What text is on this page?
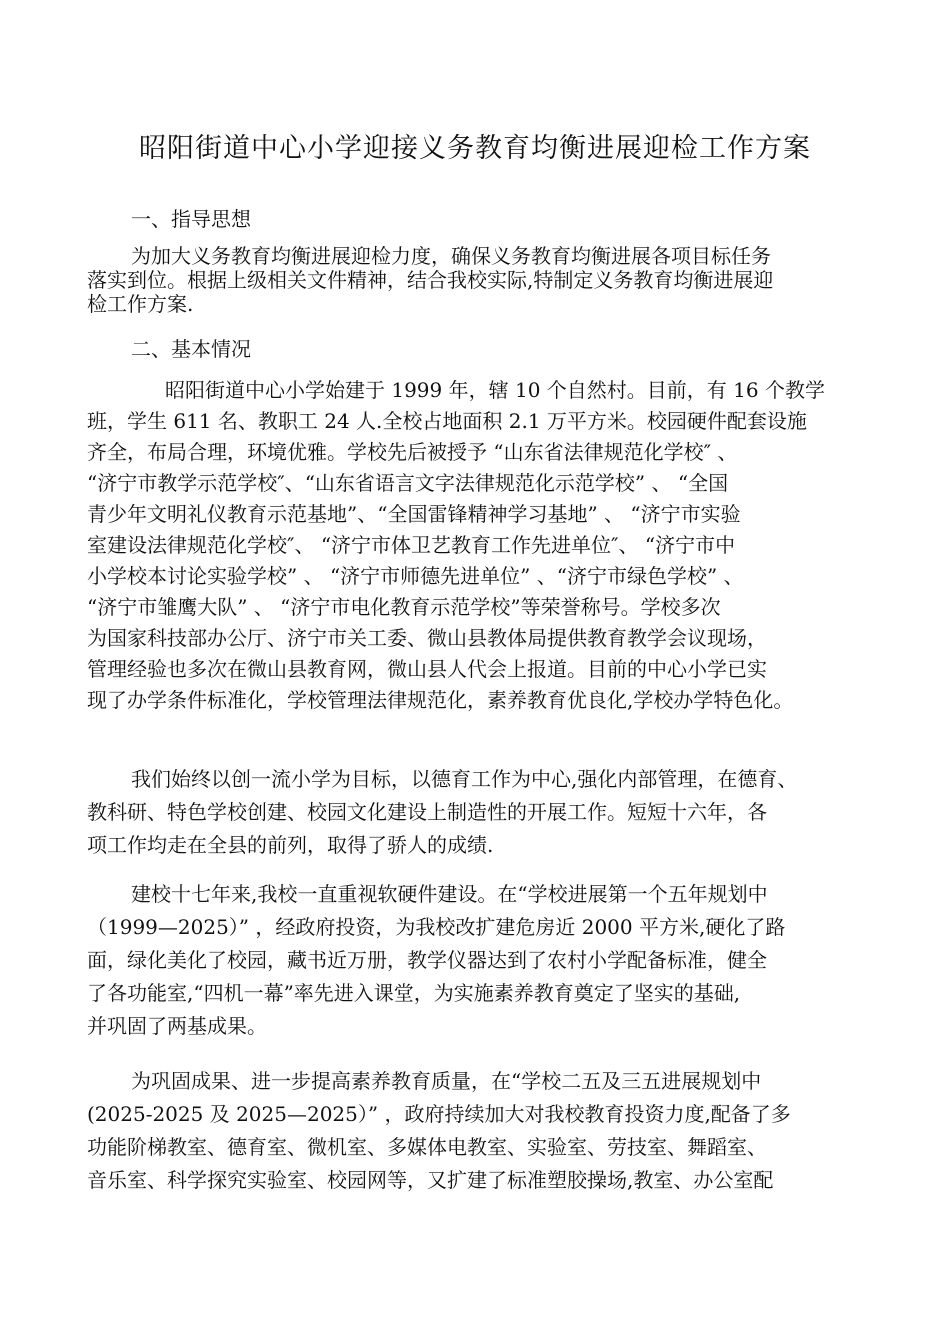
昭阳街道中心小学迎接义务教育均衡进展迎检工作方案
一、指导思想
为加大义务教育均衡进展迎检力度，确保义务教育均衡进展各项目标任务
落实到位。根据上级相关文件精神，结合我校实际,特制定义务教育均衡进展迎
检工作方案.
二、基本情况
昭阳街道中心小学始建于 1999 年，辖 10 个自然村。目前，有 16 个教学
班，学生 611 名、教职工 24 人.全校占地面积 2.1 万平方米。校园硬件配套设施
齐全，布局合理，环境优雅。学校先后被授予 “山东省法律规范化学校″ 、
“济宁市教学示范学校″、“山东省语言文字法律规范化示范学校” 、 “全国
青少年文明礼仪教育示范基地”、“全国雷锋精神学习基地” 、 “济宁市实验
室建设法律规范化学校″、 “济宁市体卫艺教育工作先进单位″、 “济宁市中
小学校本讨论实验学校” 、 “济宁市师德先进单位” 、“济宁市绿色学校” 、
“济宁市雏鹰大队” 、 “济宁市电化教育示范学校”等荣誉称号。学校多次
为国家科技部办公厅、济宁市关工委、微山县教体局提供教育教学会议现场，
管理经验也多次在微山县教育网，微山县人代会上报道。目前的中心小学已实
现了办学条件标准化，学校管理法律规范化，素养教育优良化,学校办学特色化。
我们始终以创一流小学为目标，以德育工作为中心,强化内部管理，在德育、
教科研、特色学校创建、校园文化建设上制造性的开展工作。短短十六年，各
项工作均走在全县的前列，取得了骄人的成绩.
建校十七年来,我校一直重视软硬件建设。在“学校进展第一个五年规划中
（1999—2025）” ，经政府投资，为我校改扩建危房近 2000 平方米,硬化了路
面，绿化美化了校园，藏书近万册，教学仪器达到了农村小学配备标准，健全
了各功能室,“四机一幕”率先进入课堂，为实施素养教育奠定了坚实的基础,
并巩固了两基成果。
为巩固成果、进一步提高素养教育质量，在“学校二五及三五进展规划中
(2025-2025 及 2025—2025）” ，政府持续加大对我校教育投资力度,配备了多
功能阶梯教室、德育室、微机室、多媒体电教室、实验室、劳技室、舞蹈室、
音乐室、科学探究实验室、校园网等，又扩建了标准塑胶操场,教室、办公室配
